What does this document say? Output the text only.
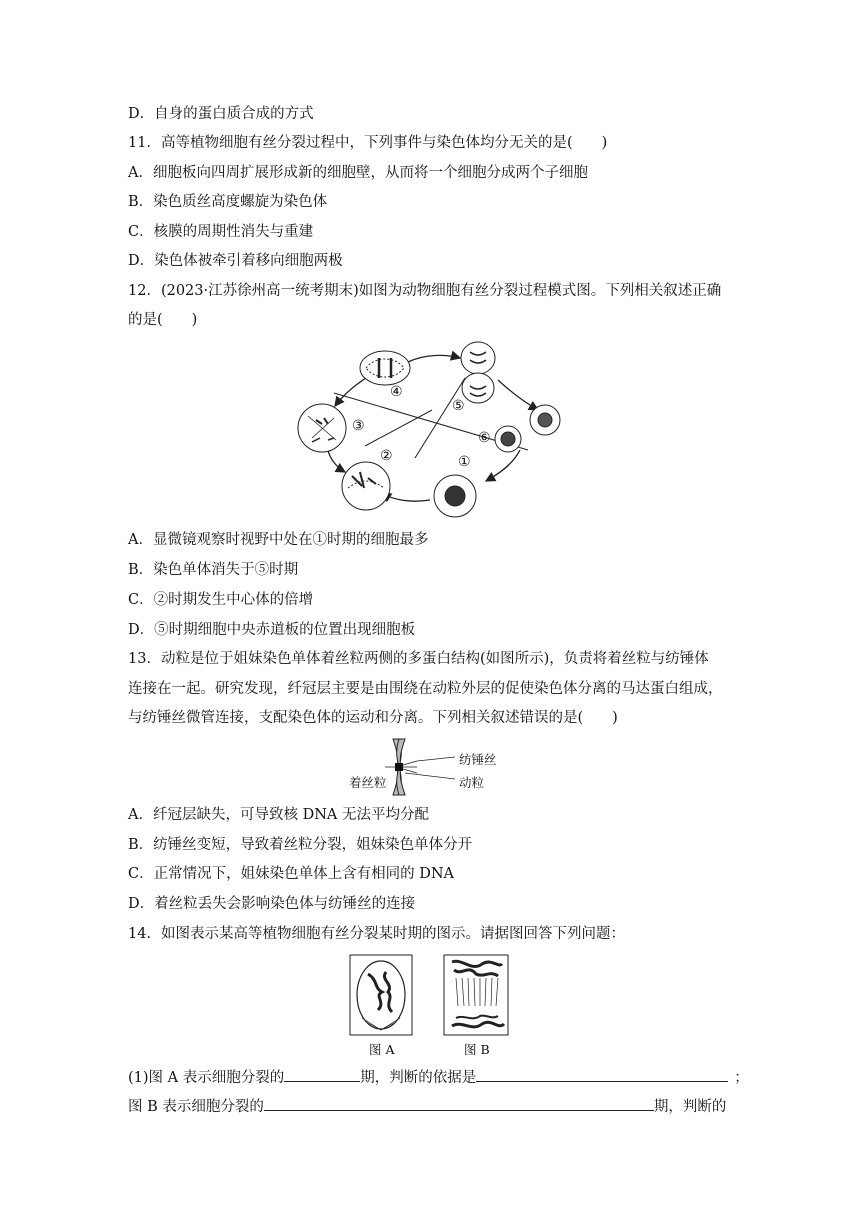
D．自身的蛋白质合成的方式
11．高等植物细胞有丝分裂过程中，下列事件与染色体均分无关的是(　　)
A．细胞板向四周扩展形成新的细胞壁，从而将一个细胞分成两个子细胞
B．染色质丝高度螺旋为染色体
C．核膜的周期性消失与重建
D．染色体被牵引着移向细胞两极
12．(2023·江苏徐州高一统考期末)如图为动物细胞有丝分裂过程模式图。下列相关叙述正确
的是(　　)
④
⑤
③
⑥
②	①
A．显微镜观察时视野中处在①时期的细胞最多
B．染色单体消失于⑤时期
C．②时期发生中心体的倍增
D．⑤时期细胞中央赤道板的位置出现细胞板
13．动粒是位于姐妹染色单体着丝粒两侧的多蛋白结构(如图所示)，负责将着丝粒与纺锤体
连接在一起。研究发现，纤冠层主要是由围绕在动粒外层的促使染色体分离的马达蛋白组成，
与纺锤丝微管连接，支配染色体的运动和分离。下列相关叙述错误的是(　　)
纺锤丝
着丝粒	动粒
A．纤冠层缺失，可导致核 DNA 无法平均分配
B．纺锤丝变短，导致着丝粒分裂，姐妹染色单体分开
C．正常情况下，姐妹染色单体上含有相同的 DNA
D．着丝粒丢失会影响染色体与纺锤丝的连接
14．如图表示某高等植物细胞有丝分裂某时期的图示。请据图回答下列问题：
图 A	图 B
(1)图 A 表示细胞分裂的	期，判断的依据是	；
图 B 表示细胞分裂的	期，判断的
